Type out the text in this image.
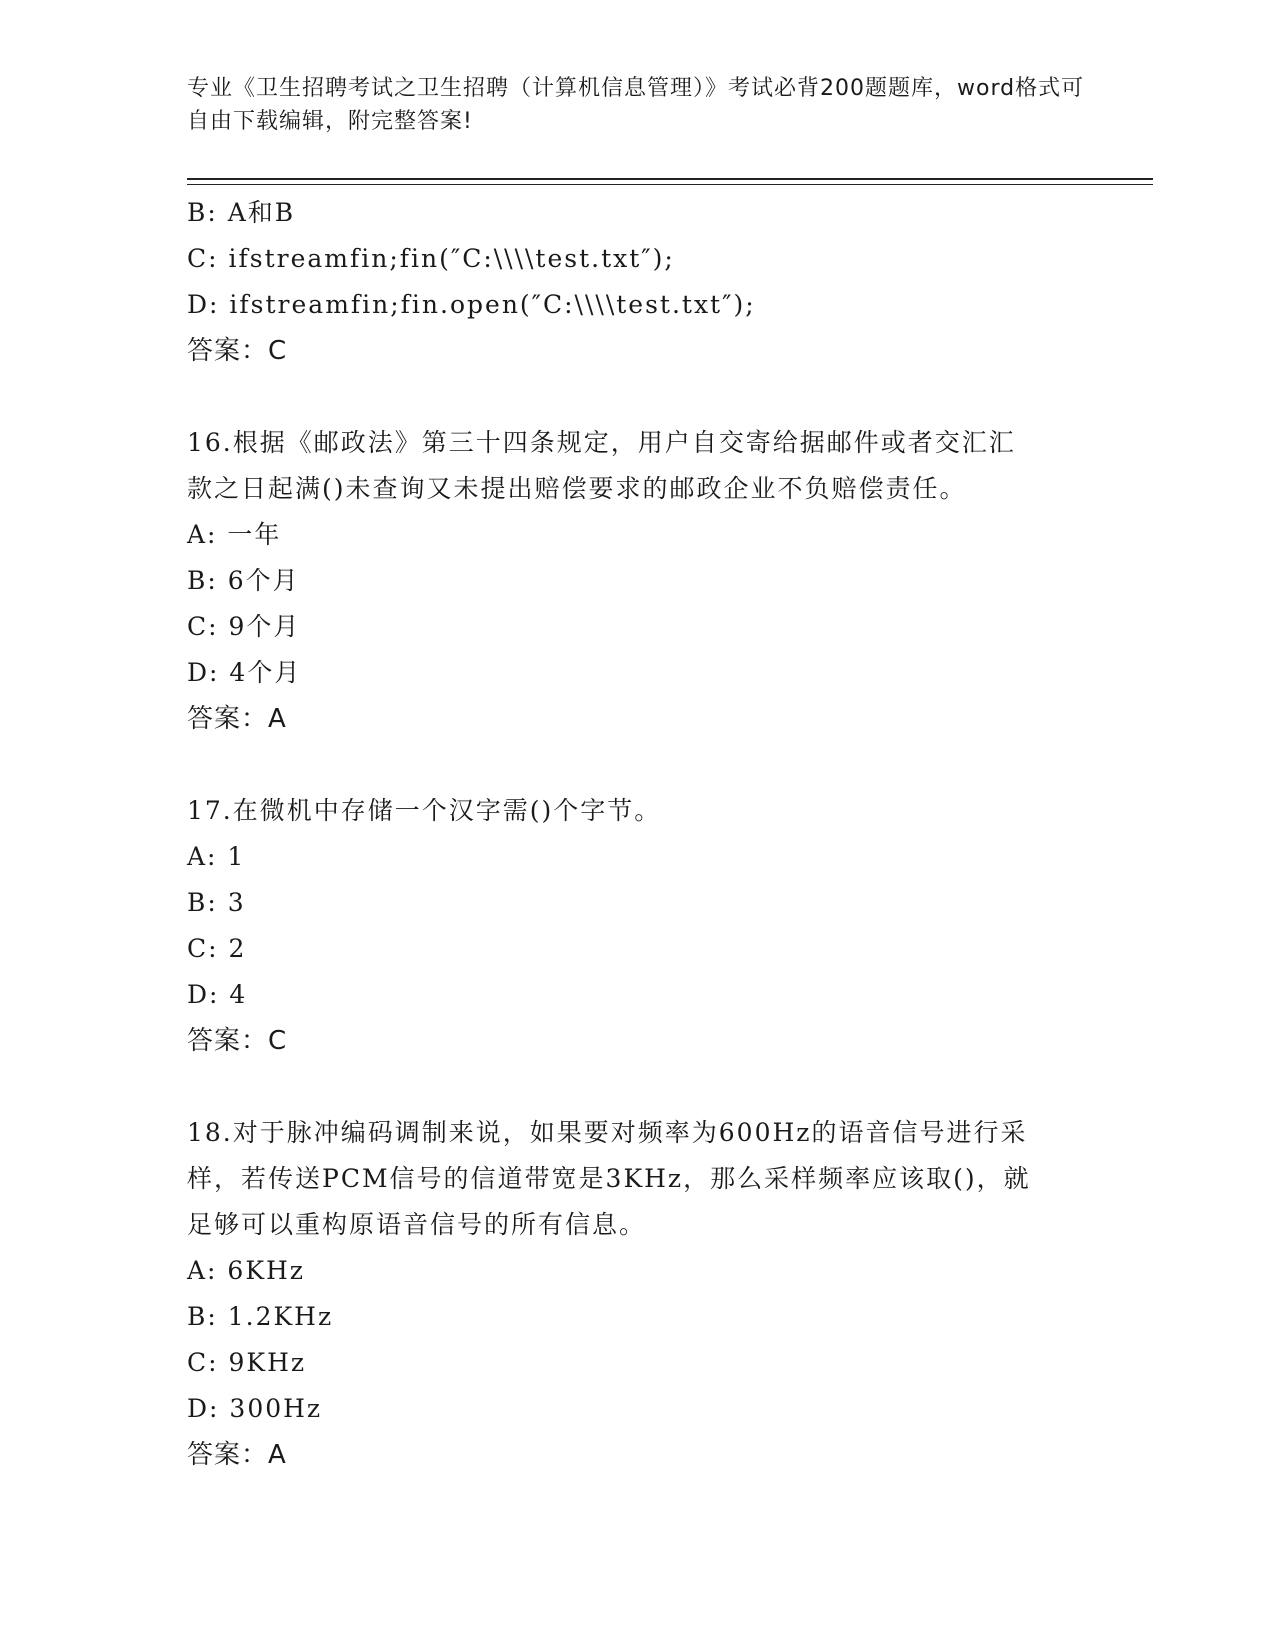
专业《卫生招聘考试之卫生招聘（计算机信息管理）》考试必背200题题库，word格式可自由下载编辑，附完整答案!
B: A和B
C: ifstreamfin;fin(″C:\\\\test.txt″);
D: ifstreamfin;fin.open(″C:\\\\test.txt″);
答案：C
16.根据《邮政法》第三十四条规定，用户自交寄给据邮件或者交汇汇
款之日起满()未查询又未提出赔偿要求的邮政企业不负赔偿责任。
A: 一年
B: 6个月
C: 9个月
D: 4个月
答案：A
17.在微机中存储一个汉字需()个字节。
A: 1
B: 3
C: 2
D: 4
答案：C
18.对于脉冲编码调制来说，如果要对频率为600Hz的语音信号进行采
样，若传送PCM信号的信道带宽是3KHz，那么采样频率应该取()，就
足够可以重构原语音信号的所有信息。
A: 6KHz
B: 1.2KHz
C: 9KHz
D: 300Hz
答案：A
